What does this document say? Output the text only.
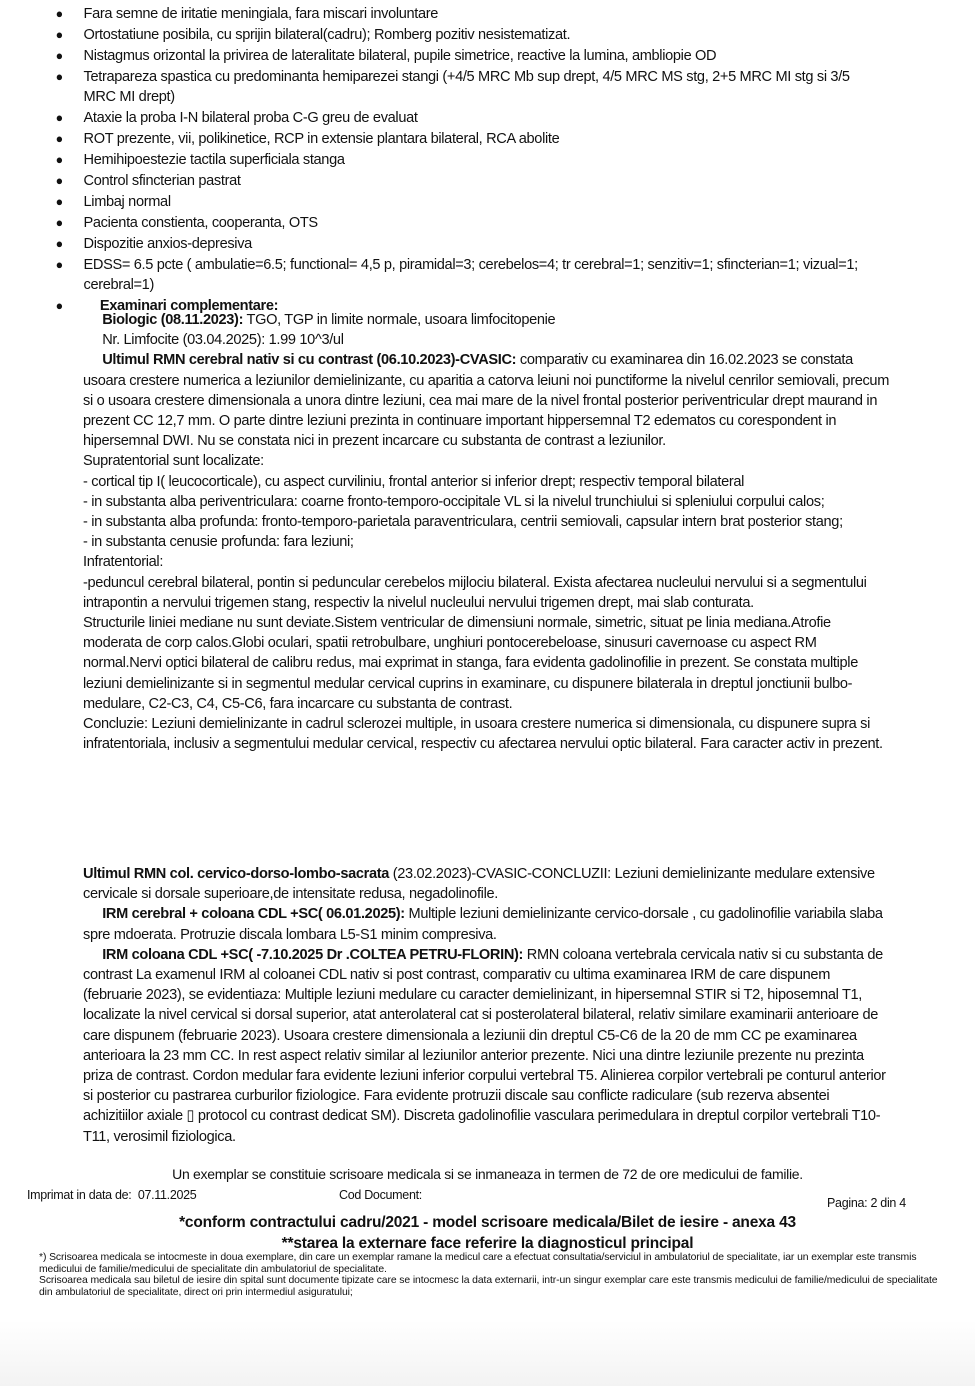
● Fara semne de iritatie meningiala, fara miscari involuntare
● Ortostatiune posibila, cu sprijin bilateral(cadru); Romberg pozitiv nesistematizat.
● Nistagmus orizontal la privirea de lateralitate bilateral, pupile simetrice, reactive la lumina, ambliopie OD
● Tetrapareza spastica cu predominanta hemiparezei stangi (+4/5 MRC Mb sup drept, 4/5 MRC MS stg, 2+5 MRC MI stg si 3/5 MRC MI drept)
● Ataxie la proba I-N bilateral proba C-G greu de evaluat
● ROT prezente, vii, polikinetice, RCP in extensie plantara bilateral, RCA abolite
● Hemihipoestezie tactila superficiala stanga
● Control sfincterian pastrat
● Limbaj normal
● Pacienta constienta, cooperanta, OTS
● Dispozitie anxios-depresiva
● EDSS= 6.5 pcte ( ambulatie=6.5; functional= 4,5 p, piramidal=3; cerebelos=4; tr cerebral=1; senzitiv=1; sfincterian=1; vizual=1; cerebral=1)
● Examinari complementare:
Biologic (08.11.2023): TGO, TGP in limite normale, usoara limfocitopenie
Nr. Limfocite (03.04.2025): 1.99 10^3/ul
Ultimul RMN cerebral nativ si cu contrast (06.10.2023)-CVASIC: comparativ cu examinarea din 16.02.2023 se constata usoara crestere numerica a leziunilor demielinizante, cu aparitia a catorva leiuni noi punctiforme la nivelul cenrilor semiovali, precum si o usoara crestere dimensionala a unora dintre leziuni, cea mai mare de la nivel frontal posterior periventricular drept maurand in prezent CC 12,7 mm. O parte dintre leziuni prezinta in continuare important hippersemnal T2 edematos cu corespondent in hipersemnal DWI. Nu se constata nici in prezent incarcare cu substanta de contrast a leziunilor.
Supratentorial sunt localizate:
- cortical tip I( leucocorticale), cu aspect curviliniu, frontal anterior si inferior drept; respectiv temporal bilateral
- in substanta alba periventriculara: coarne fronto-temporo-occipitale VL si la nivelul trunchiului si spleniului corpului calos;
- in substanta alba profunda: fronto-temporo-parietala paraventriculara, centrii semiovali, capsular intern brat posterior stang;
- in substanta cenusie profunda: fara leziuni;
Infratentorial:
-peduncul cerebral bilateral, pontin si peduncular cerebelos mijlociu bilateral. Exista afectarea nucleului nervului si a segmentului intrapontin a nervului trigemen stang, respectiv la nivelul nucleului nervului trigemen drept, mai slab conturata.
Structurile liniei mediane nu sunt deviate.Sistem ventricular de dimensiuni normale, simetric, situat pe linia mediana.Atrofie moderata de corp calos.Globi oculari, spatii retrobulbare, unghiuri pontocerebeloase, sinusuri cavernoase cu aspect RM normal.Nervi optici bilateral de calibru redus, mai exprimat in stanga, fara evidenta gadolinofilie in prezent. Se constata multiple leziuni demielinizante si in segmentul medular cervical cuprins in examinare, cu dispunere bilaterala in dreptul jonctiunii bulbo-medulare, C2-C3, C4, C5-C6, fara incarcare cu substanta de contrast.
Concluzie: Leziuni demielinizante in cadrul sclerozei multiple, in usoara crestere numerica si dimensionala, cu dispunere supra si infratentoriala, inclusiv a segmentului medular cervical, respectiv cu afectarea nervului optic bilateral. Fara caracter activ in prezent.
Ultimul RMN col. cervico-dorso-lombo-sacrata (23.02.2023)-CVASIC-CONCLUZII: Leziuni demielinizante medulare extensive cervicale si dorsale superioare,de intensitate redusa, negadolinofile.
IRM cerebral + coloana CDL +SC( 06.01.2025): Multiple leziuni demielinizante cervico-dorsale , cu gadolinofilie variabila slaba spre mdoerata. Protruzie discala lombara L5-S1 minim compresiva.
IRM coloana CDL +SC( -7.10.2025 Dr .COLTEA PETRU-FLORIN): RMN coloana vertebrala cervicala nativ si cu substanta de contrast La examenul IRM al coloanei CDL nativ si post contrast, comparativ cu ultima examinarea IRM de care dispunem (februarie 2023), se evidentiaza: Multiple leziuni medulare cu caracter demielinizant, in hipersemnal STIR si T2, hiposemnal T1, localizate la nivel cervical si dorsal superior, atat anterolateral cat si posterolateral bilateral, relativ similare examinarii anterioare de care dispunem (februarie 2023). Usoara crestere dimensionala a leziunii din dreptul C5-C6 de la 20 de mm CC pe examinarea anterioara la 23 mm CC. In rest aspect relativ similar al leziunilor anterior prezente. Nici una dintre leziunile prezente nu prezinta priza de contrast. Cordon medular fara evidente leziuni inferior corpului vertebral T5. Alinierea corpilor vertebrali pe conturul anterior si posterior cu pastrarea curburilor fiziologice. Fara evidente protruzii discale sau conflicte radiculare (sub rezerva absentei achizitiilor axiale ▯ protocol cu contrast dedicat SM). Discreta gadolinofilie vasculara perimedulara in dreptul corpilor vertebrali T10- T11, verosimil fiziologica.
Un exemplar se constituie scrisoare medicala si se inmaneaza in termen de 72 de ore medicului de familie.
Imprimat in data de: 07.11.2025	Cod Document:
Pagina: 2 din 4
*conform contractului cadru/2021 - model scrisoare medicala/Bilet de iesire - anexa 43
**starea la externare face referire la diagnosticul principal

*) Scrisoarea medicala se intocmeste in doua exemplare, din care un exemplar ramane la medicul care a efectuat consultatia/serviciul in ambulatoriul de specialitate, iar un exemplar este transmis medicului de familie/medicului de specialitate din ambulatoriul de specialitate.

Scrisoarea medicala sau biletul de iesire din spital sunt documente tipizate care se intocmesc la data externarii, intr-un singur exemplar care este transmis medicului de familie/medicului de specialitate din ambulatoriul de specialitate, direct ori prin intermediul asiguratului;
